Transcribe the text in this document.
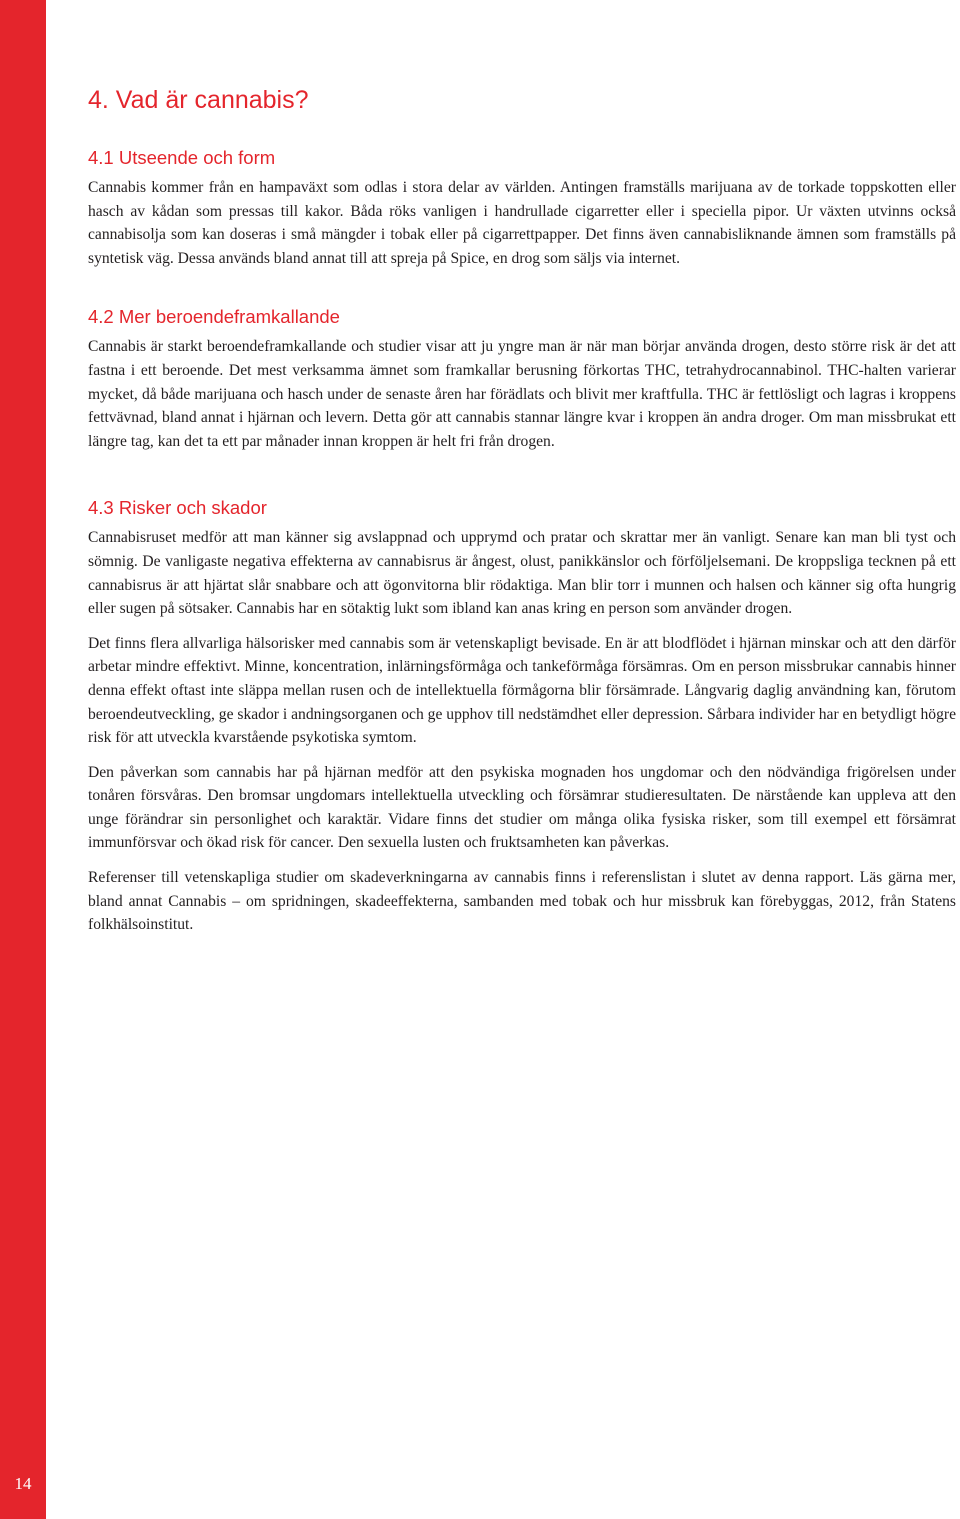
14
4. Vad är cannabis?
4.1 Utseende och form

Cannabis kommer från en hampaväxt som odlas i stora delar av världen. Antingen framställs marijuana av de torkade toppskotten eller hasch av kådan som pressas till kakor. Båda röks vanligen i handrullade cigarretter eller i speciella pipor. Ur växten utvinns också cannabisolja som kan doseras i små mängder i tobak eller på cigarrettpapper. Det finns även cannabisliknande ämnen som framställs på syntetisk väg. Dessa används bland annat till att spreja på Spice, en drog som säljs via internet.

4.2 Mer beroendeframkallande

Cannabis är starkt beroendeframkallande och studier visar att ju yngre man är när man börjar använda drogen, desto större risk är det att fastna i ett beroende. Det mest verksamma ämnet som framkallar berusning förkortas THC, tetrahydrocannabinol. THC-halten varierar mycket, då både marijuana och hasch under de senaste åren har förädlats och blivit mer kraftfulla. THC är fettlösligt och lagras i kroppens fettvävnad, bland annat i hjärnan och levern. Detta gör att cannabis stannar längre kvar i kroppen än andra droger. Om man missbrukat ett längre tag, kan det ta ett par månader innan kroppen är helt fri från drogen.

4.3 Risker och skador

Cannabisruset medför att man känner sig avslappnad och upprymd och pratar och skrattar mer än vanligt. Senare kan man bli tyst och sömnig. De vanligaste negativa effekterna av cannabisrus är ångest, olust, panikkänslor och förföljelsemani. De kroppsliga tecknen på ett cannabisrus är att hjärtat slår snabbare och att ögonvitorna blir rödaktiga. Man blir torr i munnen och halsen och känner sig ofta hungrig eller sugen på sötsaker. Cannabis har en sötaktig lukt som ibland kan anas kring en person som använder drogen.

Det finns flera allvarliga hälsorisker med cannabis som är vetenskapligt bevisade. En är att blodflödet i hjärnan minskar och att den därför arbetar mindre effektivt. Minne, koncentration, inlärningsförmåga och tankeförmåga försämras. Om en person missbrukar cannabis hinner denna effekt oftast inte släppa mellan rusen och de intellektuella förmågorna blir försämrade. Långvarig daglig användning kan, förutom beroendeutveckling, ge skador i andningsorganen och ge upphov till nedstämdhet eller depression. Sårbara individer har en betydligt högre risk för att utveckla kvarstående psykotiska symtom.

Den påverkan som cannabis har på hjärnan medför att den psykiska mognaden hos ungdomar och den nödvändiga frigörelsen under tonåren försvåras. Den bromsar ungdomars intellektuella utveckling och försämrar studieresultaten. De närstående kan uppleva att den unge förändrar sin personlighet och karaktär. Vidare finns det studier om många olika fysiska risker, som till exempel ett försämrat immunförsvar och ökad risk för cancer. Den sexuella lusten och fruktsamheten kan påverkas.

Referenser till vetenskapliga studier om skadeverkningarna av cannabis finns i referenslistan i slutet av denna rapport. Läs gärna mer, bland annat Cannabis – om spridningen, skadeeffekterna, sambanden med tobak och hur missbruk kan förebyggas, 2012, från Statens folkhälsoinstitut.
